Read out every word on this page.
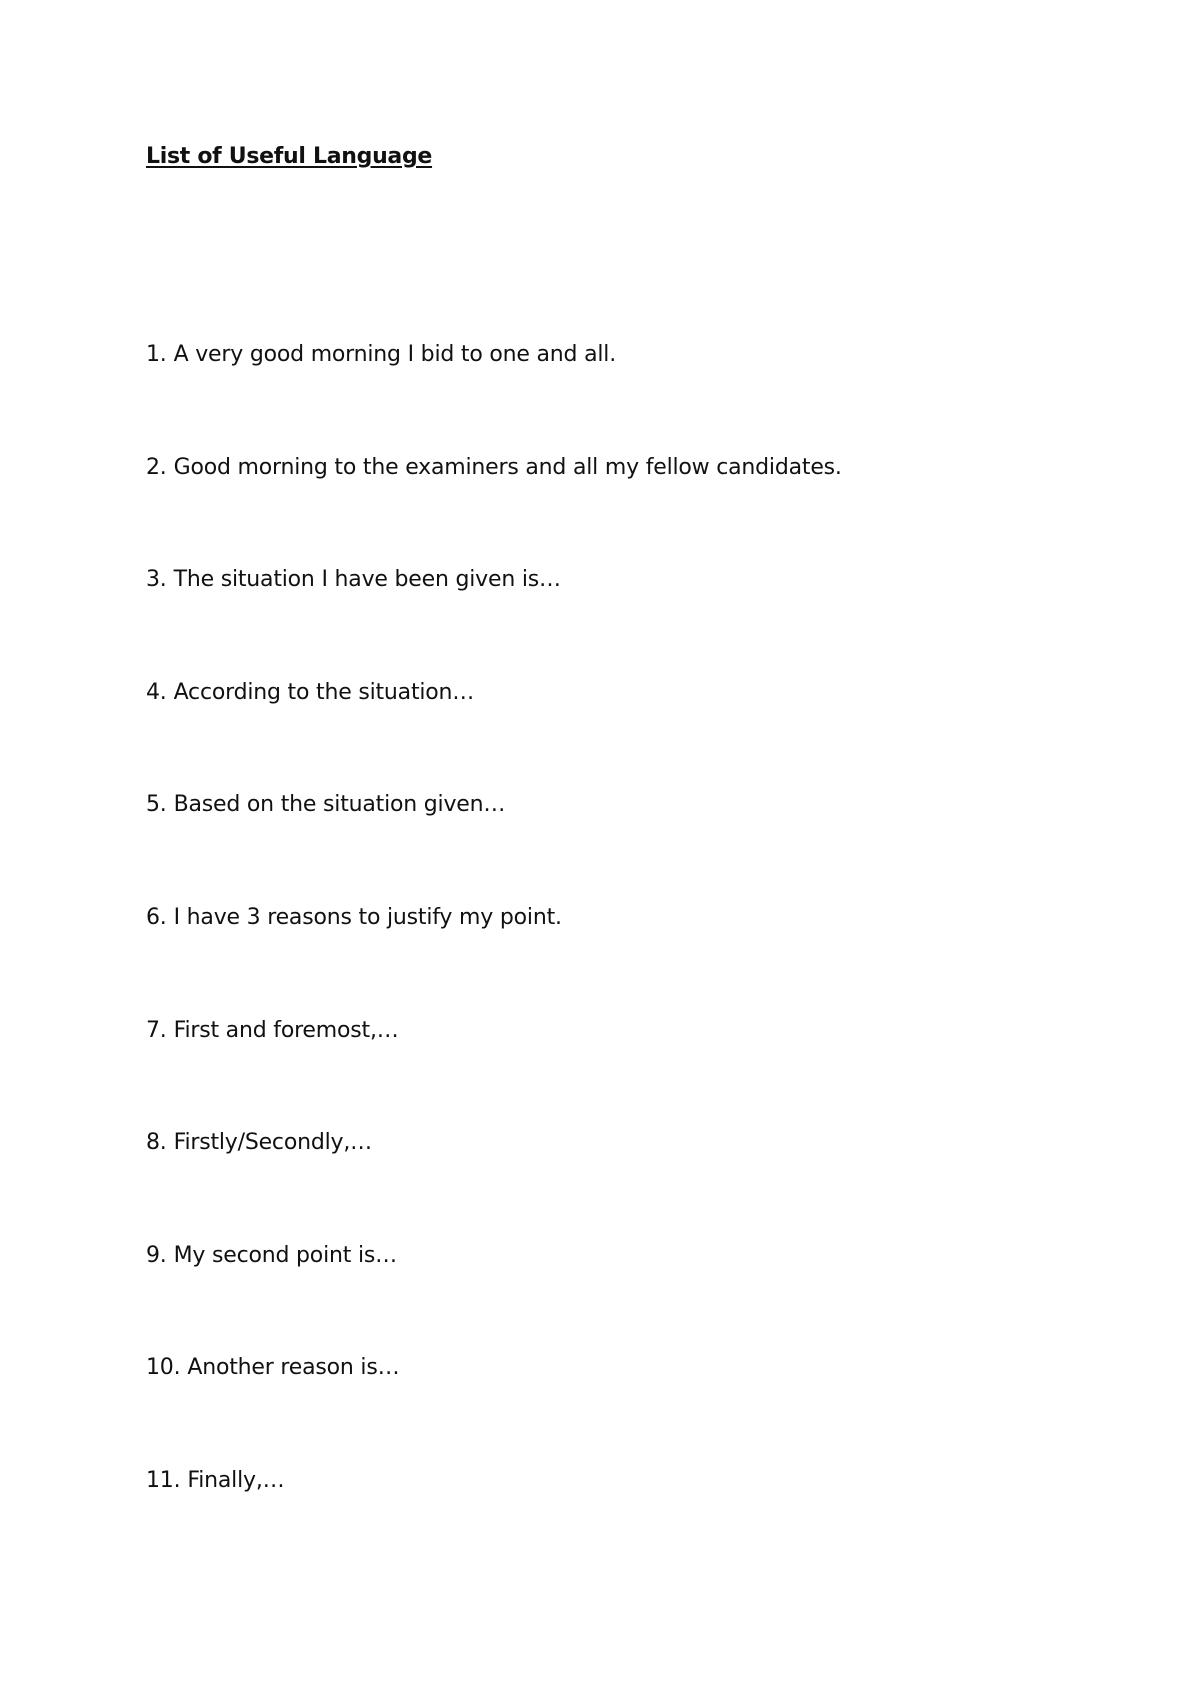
List of Useful Language
1. A very good morning I bid to one and all.
2. Good morning to the examiners and all my fellow candidates.
3. The situation I have been given is…
4. According to the situation…
5. Based on the situation given…
6. I have 3 reasons to justify my point.
7. First and foremost,…
8. Firstly/Secondly,…
9. My second point is…
10. Another reason is…
11. Finally,…
